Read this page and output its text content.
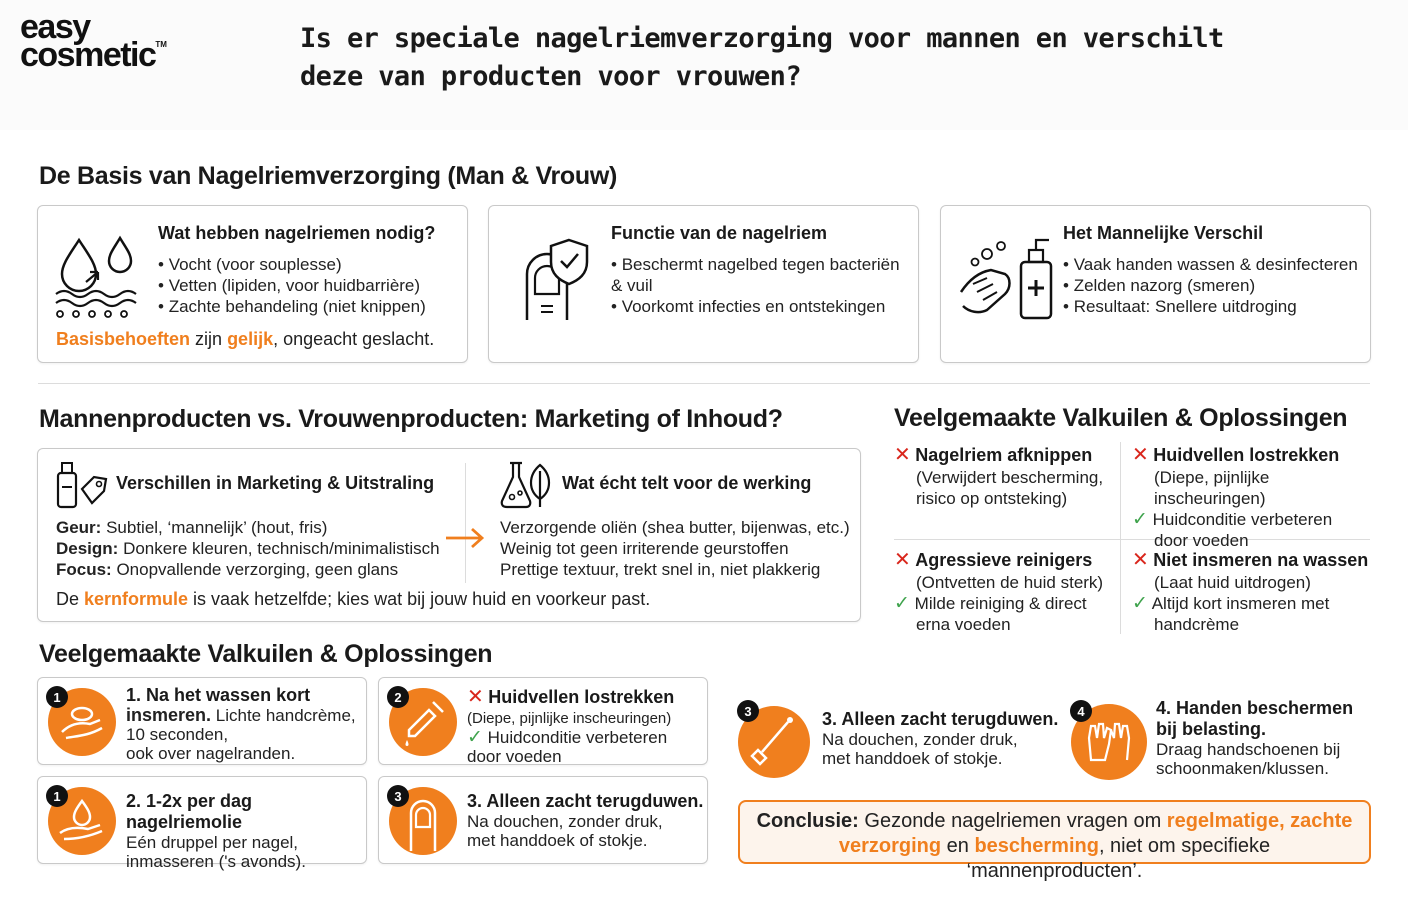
easy
cosmetic™	Is er speciale nagelriemverzorging voor mannen en verschilt
deze van producten voor vrouwen?
De Basis van Nagelriemverzorging (Man & Vrouw)
Wat hebben nagelriemen nodig?
• Vocht (voor souplesse)
• Vetten (lipiden, voor huidbarrière)
• Zachte behandeling (niet knippen)
Basisbehoeften zijn gelijk, ongeacht geslacht.
Functie van de nagelriem
• Beschermt nagelbed tegen bacteriën & vuil
• Voorkomt infecties en ontstekingen
Het Mannelijke Verschil
• Vaak handen wassen & desinfecteren
• Zelden nazorg (smeren)
• Resultaat: Snellere uitdroging
Mannenproducten vs. Vrouwenproducten: Marketing of Inhoud?
Verschillen in Marketing & Uitstraling	Wat écht telt voor de werking
Geur: Subtiel, ‘mannelijk’ (hout, fris)
Design: Donkere kleuren, technisch/minimalistisch
Focus: Onopvallende verzorging, geen glans
Verzorgende oliën (shea butter, bijenwas, etc.)
Weinig tot geen irriterende geurstoffen
Prettige textuur, trekt snel in, niet plakkerig
De kernformule is vaak hetzelfde; kies wat bij jouw huid en voorkeur past.
Veelgemaakte Valkuilen & Oplossingen
✕ Nagelriem afknippen
(Verwijdert bescherming,
risico op ontsteking)
✕ Huidvellen lostrekken
(Diepe, pijnlijke inscheuringen)
✓ Huidconditie verbeteren
door voeden
✕ Agressieve reinigers
(Ontvetten de huid sterk)
✓ Milde reiniging & direct
erna voeden
✕ Niet insmeren na wassen
(Laat huid uitdrogen)
✓ Altijd kort insmeren met
handcrème
Veelgemaakte Valkuilen & Oplossingen
1	1. Na het wassen kort
insmeren. Lichte handcrème,
10 seconden,
ook over nagelranden.
2	✕ Huidvellen lostrekken
(Diepe, pijnlijke inscheuringen)
✓ Huidconditie verbeteren
door voeden
1	2. 1-2x per dag nagelriemolie
Eén druppel per nagel,
inmasseren ('s avonds).
3	3. Alleen zacht terugduwen.
Na douchen, zonder druk,
met handdoek of stokje.
3	3. Alleen zacht terugduwen.
Na douchen, zonder druk,
met handdoek of stokje.
4	4. Handen beschermen
bij belasting.
Draag handschoenen bij
schoonmaken/klussen.
Conclusie: Gezonde nagelriemen vragen om regelmatige, zachte verzorging en bescherming, niet om specifieke ‘mannenproducten’.
